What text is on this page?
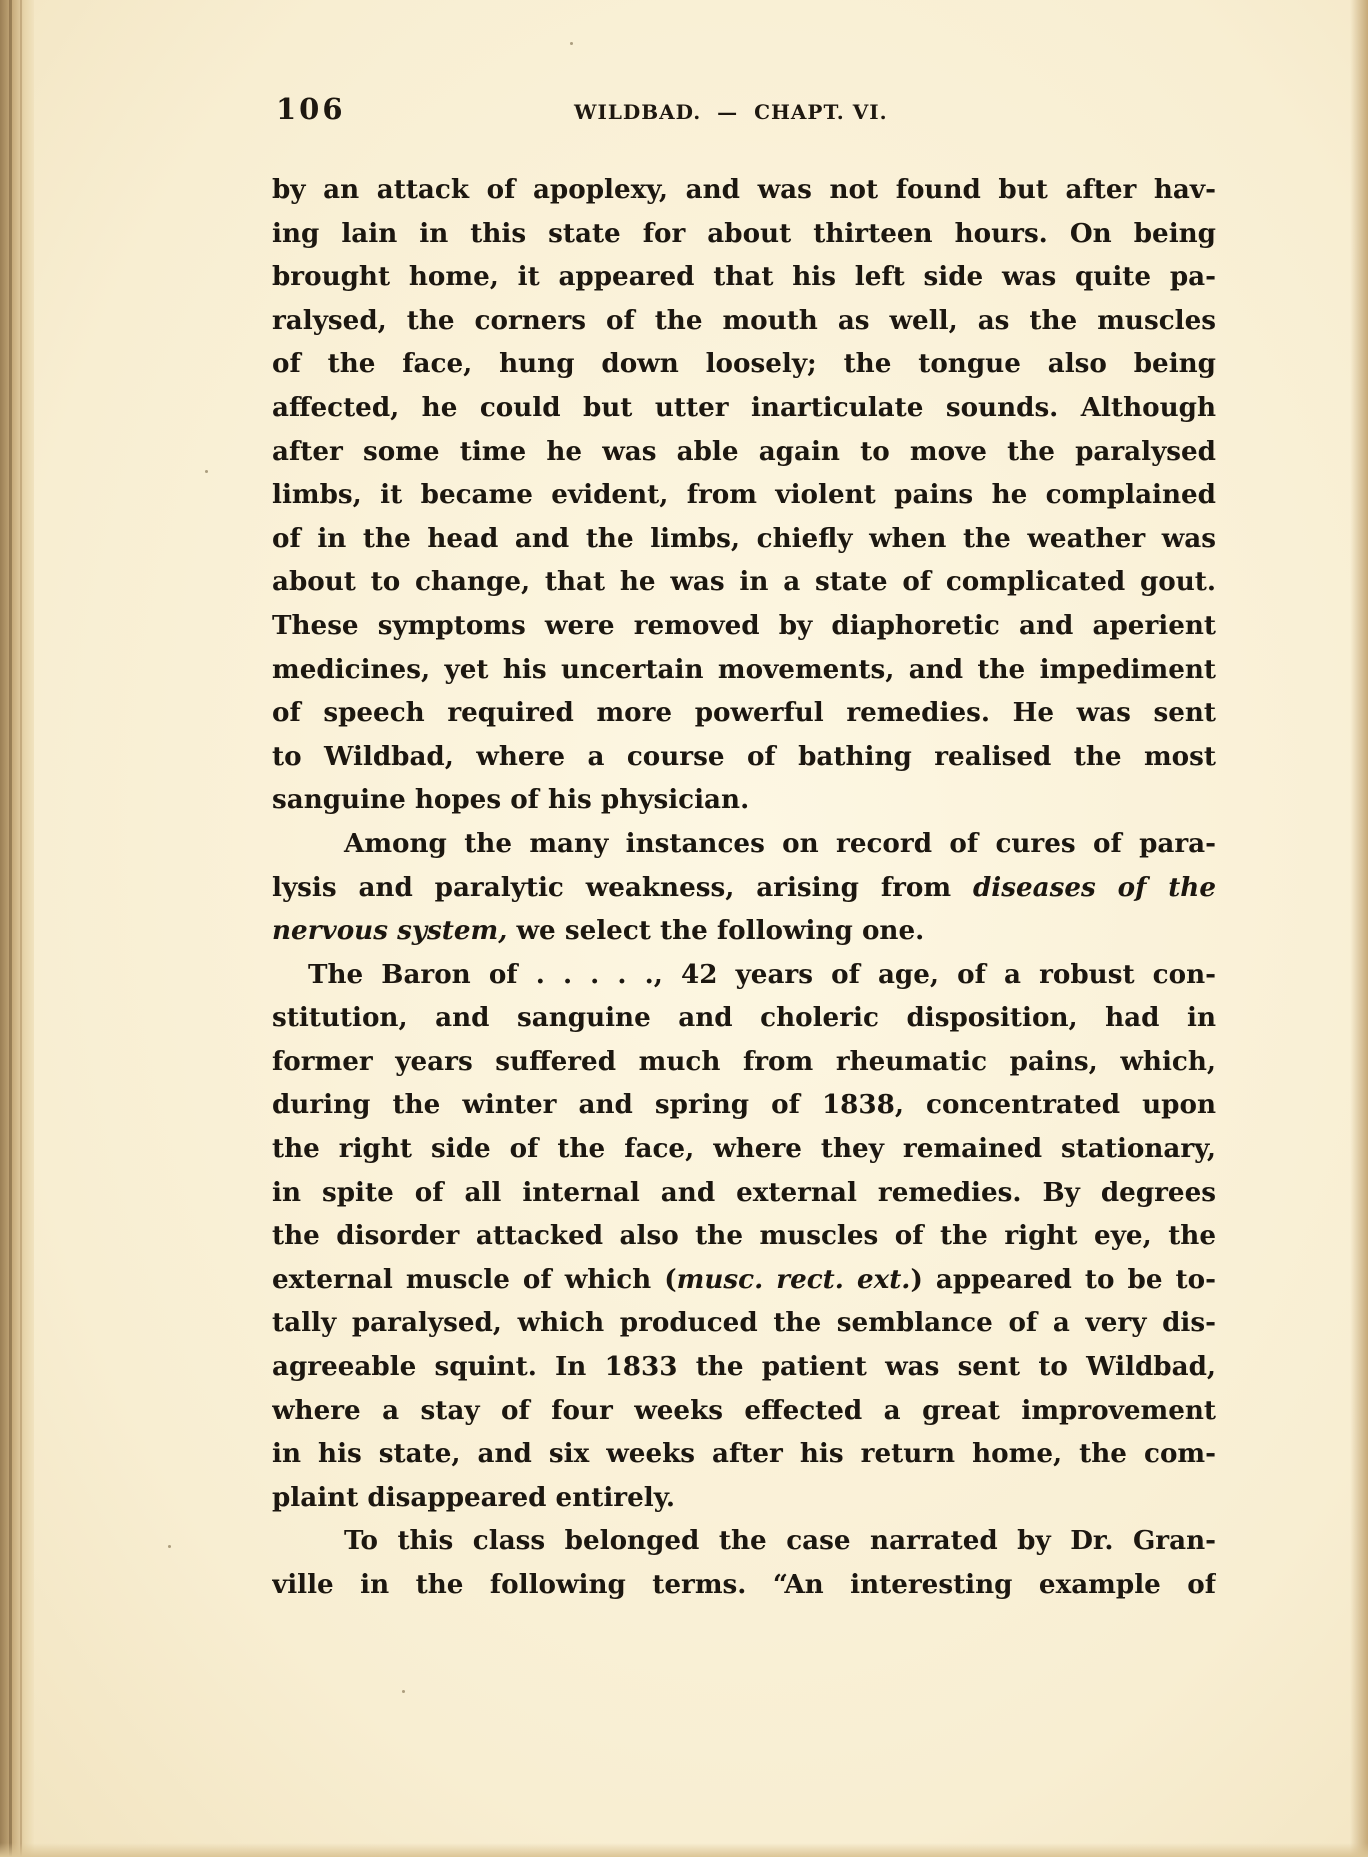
106	WILDBAD.  —  CHAPT. VI.
by an attack of apoplexy, and was not found but after hav-
ing lain in this state for about thirteen hours. On being
brought home, it appeared that his left side was quite pa-
ralysed, the corners of the mouth as well, as the muscles
of the face, hung down loosely; the tongue also being
affected, he could but utter inarticulate sounds. Although
after some time he was able again to move the paralysed
limbs, it became evident, from violent pains he complained
of in the head and the limbs, chiefly when the weather was
about to change, that he was in a state of complicated gout.
These symptoms were removed by diaphoretic and aperient
medicines, yet his uncertain movements, and the impediment
of speech required more powerful remedies. He was sent
to Wildbad, where a course of bathing realised the most
sanguine hopes of his physician.
Among the many instances on record of cures of para-
lysis and paralytic weakness, arising from diseases of the
nervous system, we select the following one.
The Baron of . . . . ., 42 years of age, of a robust con-
stitution, and sanguine and choleric disposition, had in
former years suffered much from rheumatic pains, which,
during the winter and spring of 1838, concentrated upon
the right side of the face, where they remained stationary,
in spite of all internal and external remedies. By degrees
the disorder attacked also the muscles of the right eye, the
external muscle of which (musc. rect. ext.) appeared to be to-
tally paralysed, which produced the semblance of a very dis-
agreeable squint. In 1833 the patient was sent to Wildbad,
where a stay of four weeks effected a great improvement
in his state, and six weeks after his return home, the com-
plaint disappeared entirely.
To this class belonged the case narrated by Dr. Gran-
ville in the following terms. “An interesting example of
